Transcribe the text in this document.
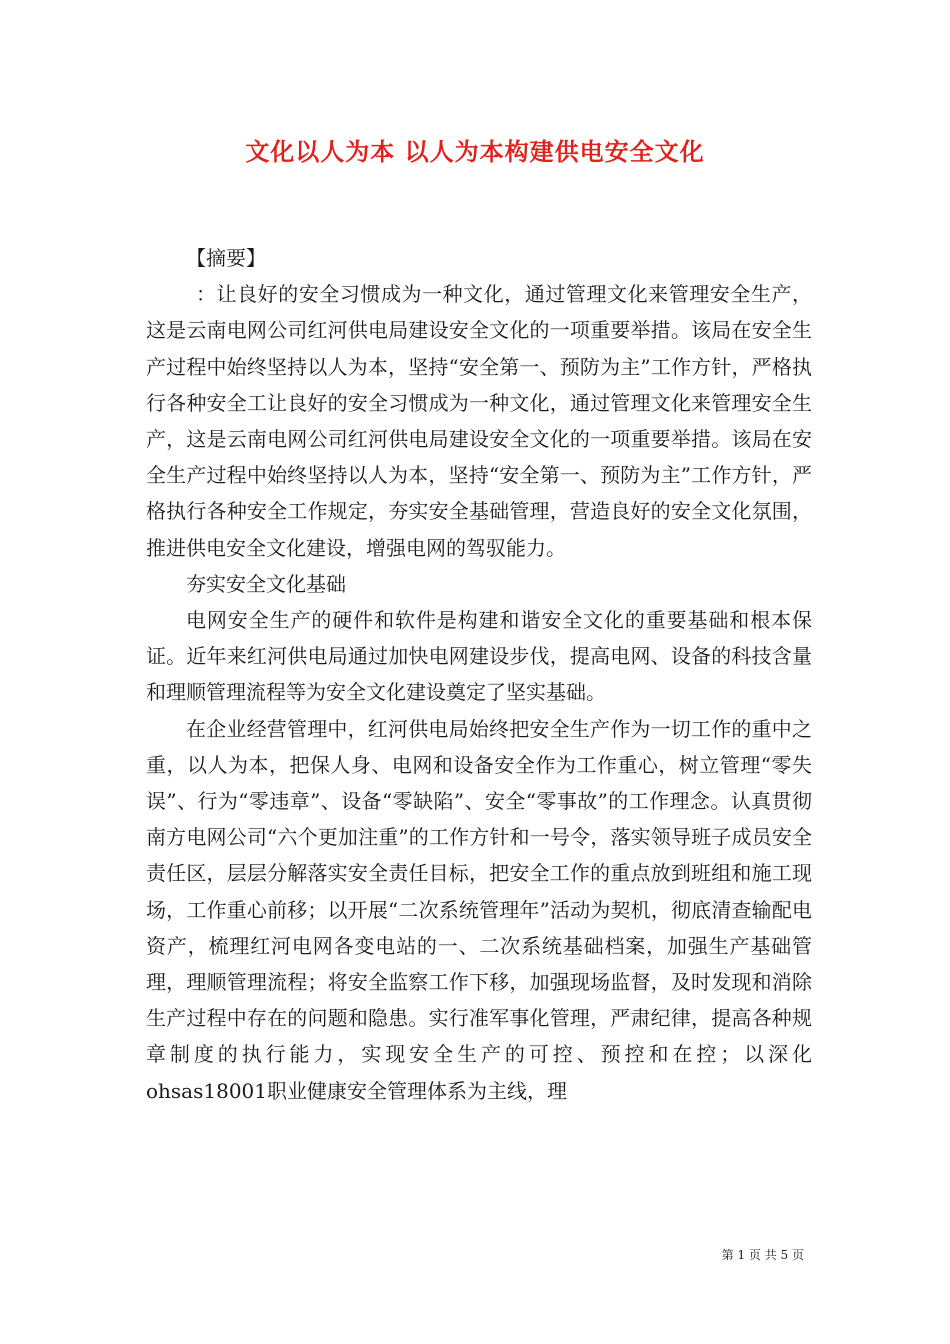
文化以人为本 以人为本构建供电安全文化

【摘要】

：让良好的安全习惯成为一种文化，通过管理文化来管理安全生产，这是云南电网公司红河供电局建设安全文化的一项重要举措。该局在安全生产过程中始终坚持以人为本，坚持“安全第一、预防为主”工作方针，严格执行各种安全工让良好的安全习惯成为一种文化，通过管理文化来管理安全生产，这是云南电网公司红河供电局建设安全文化的一项重要举措。该局在安全生产过程中始终坚持以人为本，坚持“安全第一、预防为主”工作方针，严格执行各种安全工作规定，夯实安全基础管理，营造良好的安全文化氛围，推进供电安全文化建设，增强电网的驾驭能力。

夯实安全文化基础

电网安全生产的硬件和软件是构建和谐安全文化的重要基础和根本保证。近年来红河供电局通过加快电网建设步伐，提高电网、设备的科技含量和理顺管理流程等为安全文化建设奠定了坚实基础。

在企业经营管理中，红河供电局始终把安全生产作为一切工作的重中之重，以人为本，把保人身、电网和设备安全作为工作重心，树立管理“零失误”、行为“零违章”、设备“零缺陷”、安全“零事故”的工作理念。认真贯彻南方电网公司“六个更加注重”的工作方针和一号令，落实领导班子成员安全责任区，层层分解落实安全责任目标，把安全工作的重点放到班组和施工现场，工作重心前移；以开展“二次系统管理年”活动为契机，彻底清查输配电资产，梳理红河电网各变电站的一、二次系统基础档案，加强生产基础管理，理顺管理流程；将安全监察工作下移，加强现场监督，及时发现和消除生产过程中存在的问题和隐患。实行准军事化管理，严肃纪律，提高各种规章制度的执行能力，实现安全生产的可控、预控和在控；以深化ohsas18001职业健康安全管理体系为主线，理

第 1 页 共 5 页
